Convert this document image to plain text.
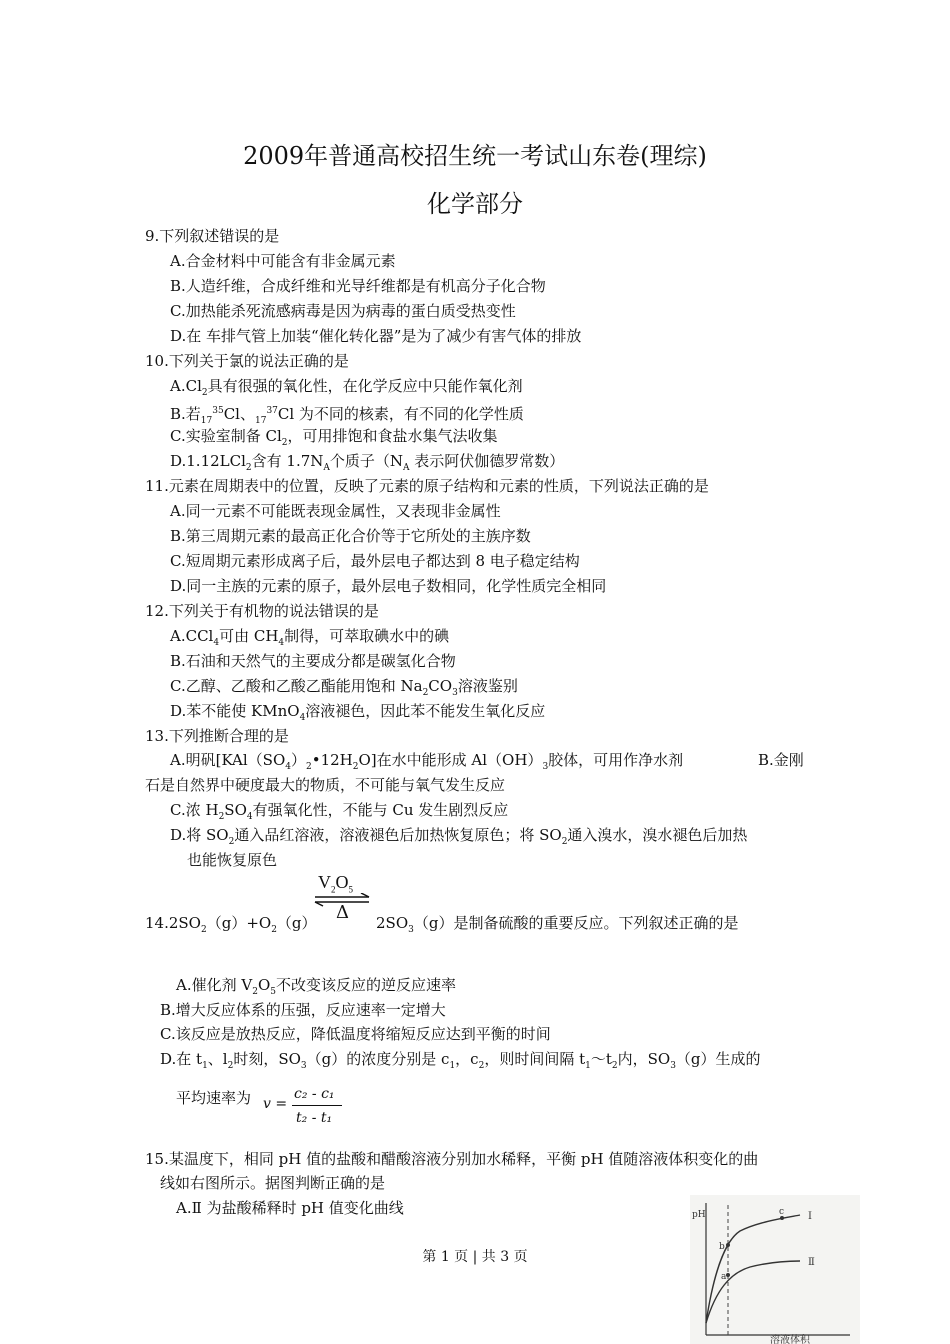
2009年普通高校招生统一考试山东卷(理综)
化学部分
9.下列叙述错误的是
A.合金材料中可能含有非金属元素
B.人造纤维，合成纤维和光导纤维都是有机高分子化合物
C.加热能杀死流感病毒是因为病毒的蛋白质受热变性
D.在 车排气管上加装“催化转化器”是为了减少有害气体的排放
10.下列关于氯的说法正确的是
$A.Cl_2$具有很强的氧化性，在化学反应中只能作氧化剂
B.若$_{17}^{35}$Cl、$_{17}^{37}$Cl 为不同的核素，有不同的化学性质
C.实验室制备 $Cl_2$，可用排饱和食盐水集气法收集
D.1.12LCl$_2$含有 $1.7N_A$个质子（$N_A$ 表示阿伏伽德罗常数）
11.元素在周期表中的位置，反映了元素的原子结构和元素的性质，下列说法正确的是
A.同一元素不可能既表现金属性，又表现非金属性
B.第三周期元素的最高正化合价等于它所处的主族序数
C.短周期元素形成离子后，最外层电子都达到 8 电子稳定结构
D.同一主族的元素的原子，最外层电子数相同，化学性质完全相同
12.下列关于有机物的说法错误的是
A.CCl$_4$可由 $CH_4$制得，可萃取碘水中的碘
B.石油和天然气的主要成分都是碳氢化合物
C.乙醇、乙酸和乙酸乙酯能用饱和 $Na_2CO_3$溶液鉴别
D.苯不能使 KMnO$_4$溶液褪色，因此苯不能发生氧化反应
13.下列推断合理的是
A.明矾$[KAl(SO_4)_2•12H_2O]$在水中能形成 $Al(OH)_3$胶体，可用作净水剂	B.金刚
石是自然界中硬度最大的物质，不可能与氧气发生反应
C.浓 $H_2SO_4$有强氧化性，不能与 Cu 发生剧烈反应
D.将 $SO_2$通入品红溶液，溶液褪色后加热恢复原色；将 $SO_2$通入溴水，溴水褪色后加热
也能恢复原色
$V_2O_5$
Δ
$14.2SO_2(g)+O_2(g)$	$2SO_3(g)$是制备硫酸的重要反应。下列叙述正确的是
A.催化剂 $V_2O_5$不改变该反应的逆反应速率
B.增大反应体系的压强，反应速率一定增大
C.该反应是放热反应，降低温度将缩短反应达到平衡的时间
D.在 $t_1$、$l_2$时刻，$SO_3(g)$的浓度分别是 $c_1$，$c_2$，则时间间隔 $t_1\sim t_2$内，$SO_3(g)$生成的
平均速率为 v =
c₂ - c₁
t₂ - t₁
15.某温度下，相同 pH 值的盐酸和醋酸溶液分别加水稀释，平衡 pH 值随溶液体积变化的曲
线如右图所示。据图判断正确的是
A.Ⅱ 为盐酸稀释时 pH 值变化曲线	pH	Ⅰ
Ⅱ
b
a
c
溶液体积
第 1 页 | 共 3 页
